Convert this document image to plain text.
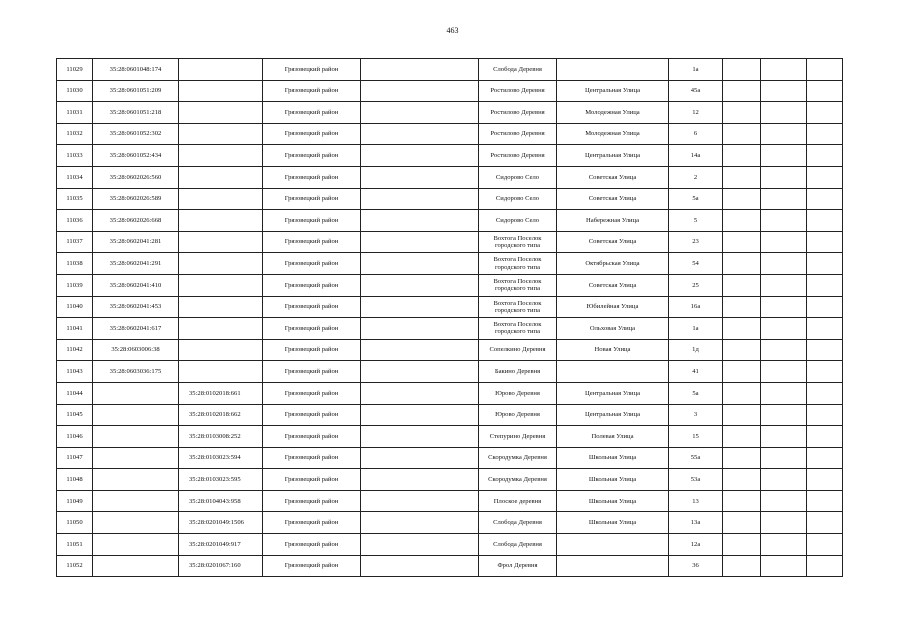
463
11029	35:28:0601048:174		Грязовецкий район		Слобода Деревня		1а			
11030	35:28:0601051:209		Грязовецкий район		Ростилово Деревня	Центральная Улица	45а			
11031	35:28:0601051:218		Грязовецкий район		Ростилово Деревня	Молодежная Улица	12			
11032	35:28:0601052:302		Грязовецкий район		Ростилово Деревня	Молодежная Улица	6			
11033	35:28:0601052:434		Грязовецкий район		Ростилово Деревня	Центральная Улица	14а			
11034	35:28:0602026:560		Грязовецкий район		Сидорово Село	Советская Улица	2			
11035	35:28:0602026:589		Грязовецкий район		Сидорово Село	Советская Улица	5а			
11036	35:28:0602026:668		Грязовецкий район		Сидорово Село	Набережная Улица	5			
11037	35:28:0602041:281		Грязовецкий район		Вохтога Поселок городского типа	Советская Улица	23			
11038	35:28:0602041:291		Грязовецкий район		Вохтога Поселок городского типа	Октябрьская Улица	54			
11039	35:28:0602041:410		Грязовецкий район		Вохтога Поселок городского типа	Советская Улица	25			
11040	35:28:0602041:453		Грязовецкий район		Вохтога Поселок городского типа	Юбилейная Улица	16а			
11041	35:28:0602041:617		Грязовецкий район		Вохтога Поселок городского типа	Ольховая Улица	1а			
11042	35:28:0603006:38		Грязовецкий район		Сопелкино Деревня	Новая Улица	1д			
11043	35:28:0603036:175		Грязовецкий район		Бакино Деревня		41			
11044		35:28:0102018:661	Грязовецкий район		Юрово Деревня	Центральная Улица	5а			
11045		35:28:0102018:662	Грязовецкий район		Юрово Деревня	Центральная Улица	3			
11046		35:28:0103008:252	Грязовецкий район		Степурино Деревня	Полевая Улица	15			
11047		35:28:0103023:594	Грязовецкий район		Скородумка Деревня	Школьная Улица	55а			
11048		35:28:0103023:595	Грязовецкий район		Скородумка Деревня	Школьная Улица	53а			
11049		35:28:0104043:958	Грязовецкий район		Плоское деревня	Школьная Улица	13			
11050		35:28:0201049:1506	Грязовецкий район		Слобода Деревня	Школьная Улица	13а			
11051		35:28:0201049:917	Грязовецкий район		Слобода Деревня		12а			
11052		35:28:0201067:160	Грязовецкий район		Фрол Деревня		36			
